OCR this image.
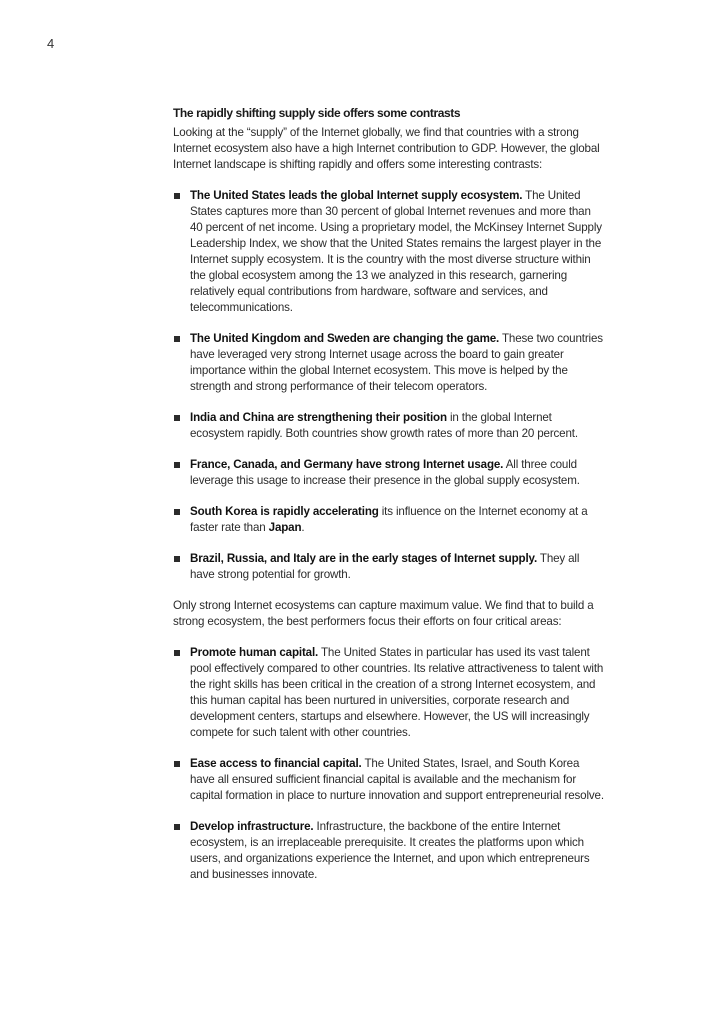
4
The rapidly shifting supply side offers some contrasts

Looking at the “supply” of the Internet globally, we find that countries with a strong Internet ecosystem also have a high Internet contribution to GDP. However, the global Internet landscape is shifting rapidly and offers some interesting contrasts:

The United States leads the global Internet supply ecosystem. The United States captures more than 30 percent of global Internet revenues and more than 40 percent of net income. Using a proprietary model, the McKinsey Internet Supply Leadership Index, we show that the United States remains the largest player in the Internet supply ecosystem. It is the country with the most diverse structure within the global ecosystem among the 13 we analyzed in this research, garnering relatively equal contributions from hardware, software and services, and telecommunications.
The United Kingdom and Sweden are changing the game. These two countries have leveraged very strong Internet usage across the board to gain greater importance within the global Internet ecosystem. This move is helped by the strength and strong performance of their telecom operators.
India and China are strengthening their position in the global Internet ecosystem rapidly. Both countries show growth rates of more than 20 percent.
France, Canada, and Germany have strong Internet usage. All three could leverage this usage to increase their presence in the global supply ecosystem.
South Korea is rapidly accelerating its influence on the Internet economy at a faster rate than Japan.
Brazil, Russia, and Italy are in the early stages of Internet supply. They all have strong potential for growth.

Only strong Internet ecosystems can capture maximum value. We find that to build a strong ecosystem, the best performers focus their efforts on four critical areas:

Promote human capital. The United States in particular has used its vast talent pool effectively compared to other countries. Its relative attractiveness to talent with the right skills has been critical in the creation of a strong Internet ecosystem, and this human capital has been nurtured in universities, corporate research and development centers, startups and elsewhere. However, the US will increasingly compete for such talent with other countries.
Ease access to financial capital. The United States, Israel, and South Korea have all ensured sufficient financial capital is available and the mechanism for capital formation in place to nurture innovation and support entrepreneurial resolve.
Develop infrastructure. Infrastructure, the backbone of the entire Internet ecosystem, is an irreplaceable prerequisite. It creates the platforms upon which users, and organizations experience the Internet, and upon which entrepreneurs and businesses innovate.
